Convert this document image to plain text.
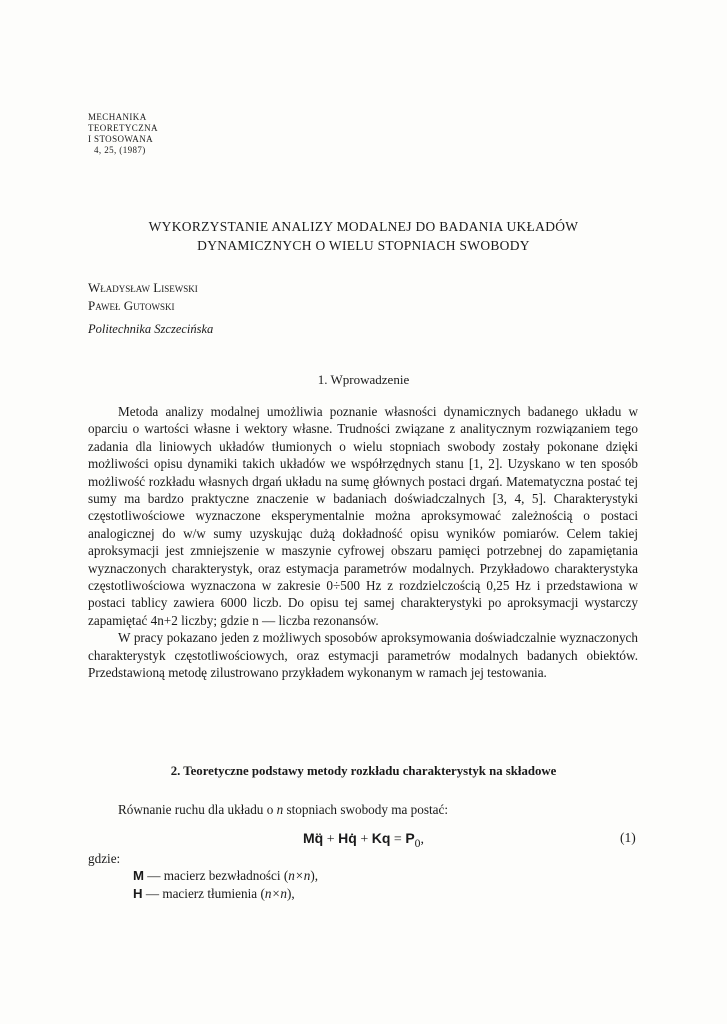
MECHANIKA
TEORETYCZNA
I STOSOWANA
4, 25, (1987)
WYKORZYSTANIE ANALIZY MODALNEJ DO BADANIA UKŁADÓW
DYNAMICZNYCH O WIELU STOPNIACH SWOBODY
Władysław Lisewski
Paweł Gutowski
Politechnika Szczecińska
1. Wprowadzenie

Metoda analizy modalnej umożliwia poznanie własności dynamicznych badanego układu w oparciu o wartości własne i wektory własne. Trudności związane z analitycznym rozwiązaniem tego zadania dla liniowych układów tłumionych o wielu stopniach swobody zostały pokonane dzięki możliwości opisu dynamiki takich układów we współrzędnych stanu [1, 2]. Uzyskano w ten sposób możliwość rozkładu własnych drgań układu na sumę głównych postaci drgań. Matematyczna postać tej sumy ma bardzo praktyczne znaczenie w badaniach doświadczalnych [3, 4, 5]. Charakterystyki częstotliwościowe wyznaczone eksperymentalnie można aproksymować zależnością o postaci analogicznej do w/w sumy uzyskując dużą dokładność opisu wyników pomiarów. Celem takiej aproksymacji jest zmniejszenie w maszynie cyfrowej obszaru pamięci potrzebnej do zapamiętania wyznaczonych charakterystyk, oraz estymacja parametrów modalnych. Przykładowo charakterystyka częstotliwościowa wyznaczona w zakresie 0÷500 Hz z rozdzielczością 0,25 Hz i przedstawiona w postaci tablicy zawiera 6000 liczb. Do opisu tej samej charakterystyki po aproksymacji wystarczy zapamiętać 4n+2 liczby; gdzie n — liczba rezonansów.

W pracy pokazano jeden z możliwych sposobów aproksymowania doświadczalnie wyznaczonych charakterystyk częstotliwościowych, oraz estymacji parametrów modalnych badanych obiektów. Przedstawioną metodę zilustrowano przykładem wykonanym w ramach jej testowania.

2. Teoretyczne podstawy metody rozkładu charakterystyk na składowe
Równanie ruchu dla układu o n stopniach swobody ma postać:
Mq̈ + Hq̇ + $Kq = P_0$,	(1)
gdzie:
M — macierz bezwładności (n×n),
H — macierz tłumienia (n×n),
